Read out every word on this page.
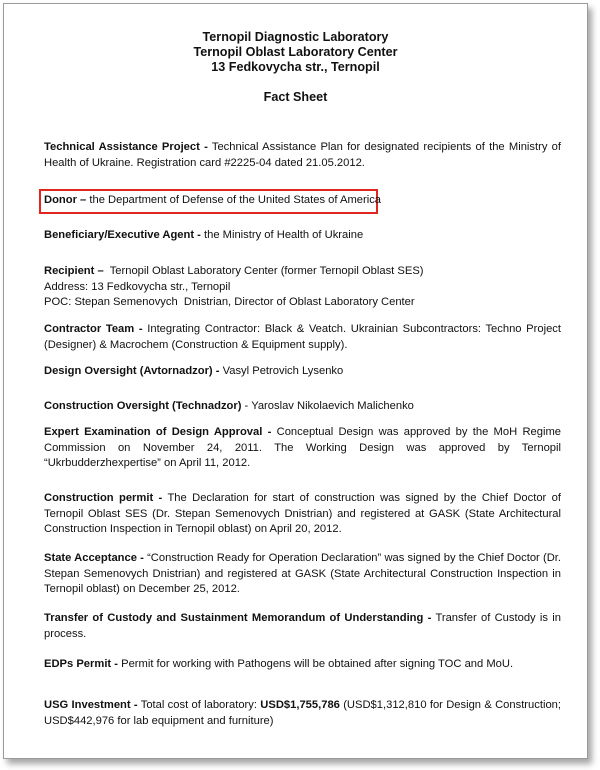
Ternopil Diagnostic Laboratory
Ternopil Oblast Laboratory Center
13 Fedkovycha str., Ternopil
Fact Sheet
Technical Assistance Project - Technical Assistance Plan for designated recipients of the Ministry of Health of Ukraine. Registration card #2225-04 dated 21.05.2012.
Donor – the Department of Defense of the United States of America
Beneficiary/Executive Agent - the Ministry of Health of Ukraine
Recipient –  Ternopil Oblast Laboratory Center (former Ternopil Oblast SES)
Address: 13 Fedkovycha str., Ternopil
POC: Stepan Semenovych  Dnistrian, Director of Oblast Laboratory Center
Contractor Team - Integrating Contractor: Black & Veatch. Ukrainian Subcontractors: Techno Project (Designer) & Macrochem (Construction & Equipment supply).
Design Oversight (Avtornadzor) - Vasyl Petrovich Lysenko
Construction Oversight (Technadzor) - Yaroslav Nikolaevich Malichenko
Expert Examination of Design Approval - Conceptual Design was approved by the MoH Regime Commission on November 24, 2011. The Working Design was approved by Ternopil “Ukrbudderzhexpertise” on April 11, 2012.
Construction permit - The Declaration for start of construction was signed by the Chief Doctor of Ternopil Oblast SES (Dr. Stepan Semenovych Dnistrian) and registered at GASK (State Architectural Construction Inspection in Ternopil oblast) on April 20, 2012.
State Acceptance - “Construction Ready for Operation Declaration” was signed by the Chief Doctor (Dr. Stepan Semenovych Dnistrian) and registered at GASK (State Architectural Construction Inspection in Ternopil oblast) on December 25, 2012.
Transfer of Custody and Sustainment Memorandum of Understanding - Transfer of Custody is in process.
EDPs Permit - Permit for working with Pathogens will be obtained after signing TOC and MoU.
USG Investment - Total cost of laboratory: USD$1,755,786 (USD$1,312,810 for Design & Construction; USD$442,976 for lab equipment and furniture)
